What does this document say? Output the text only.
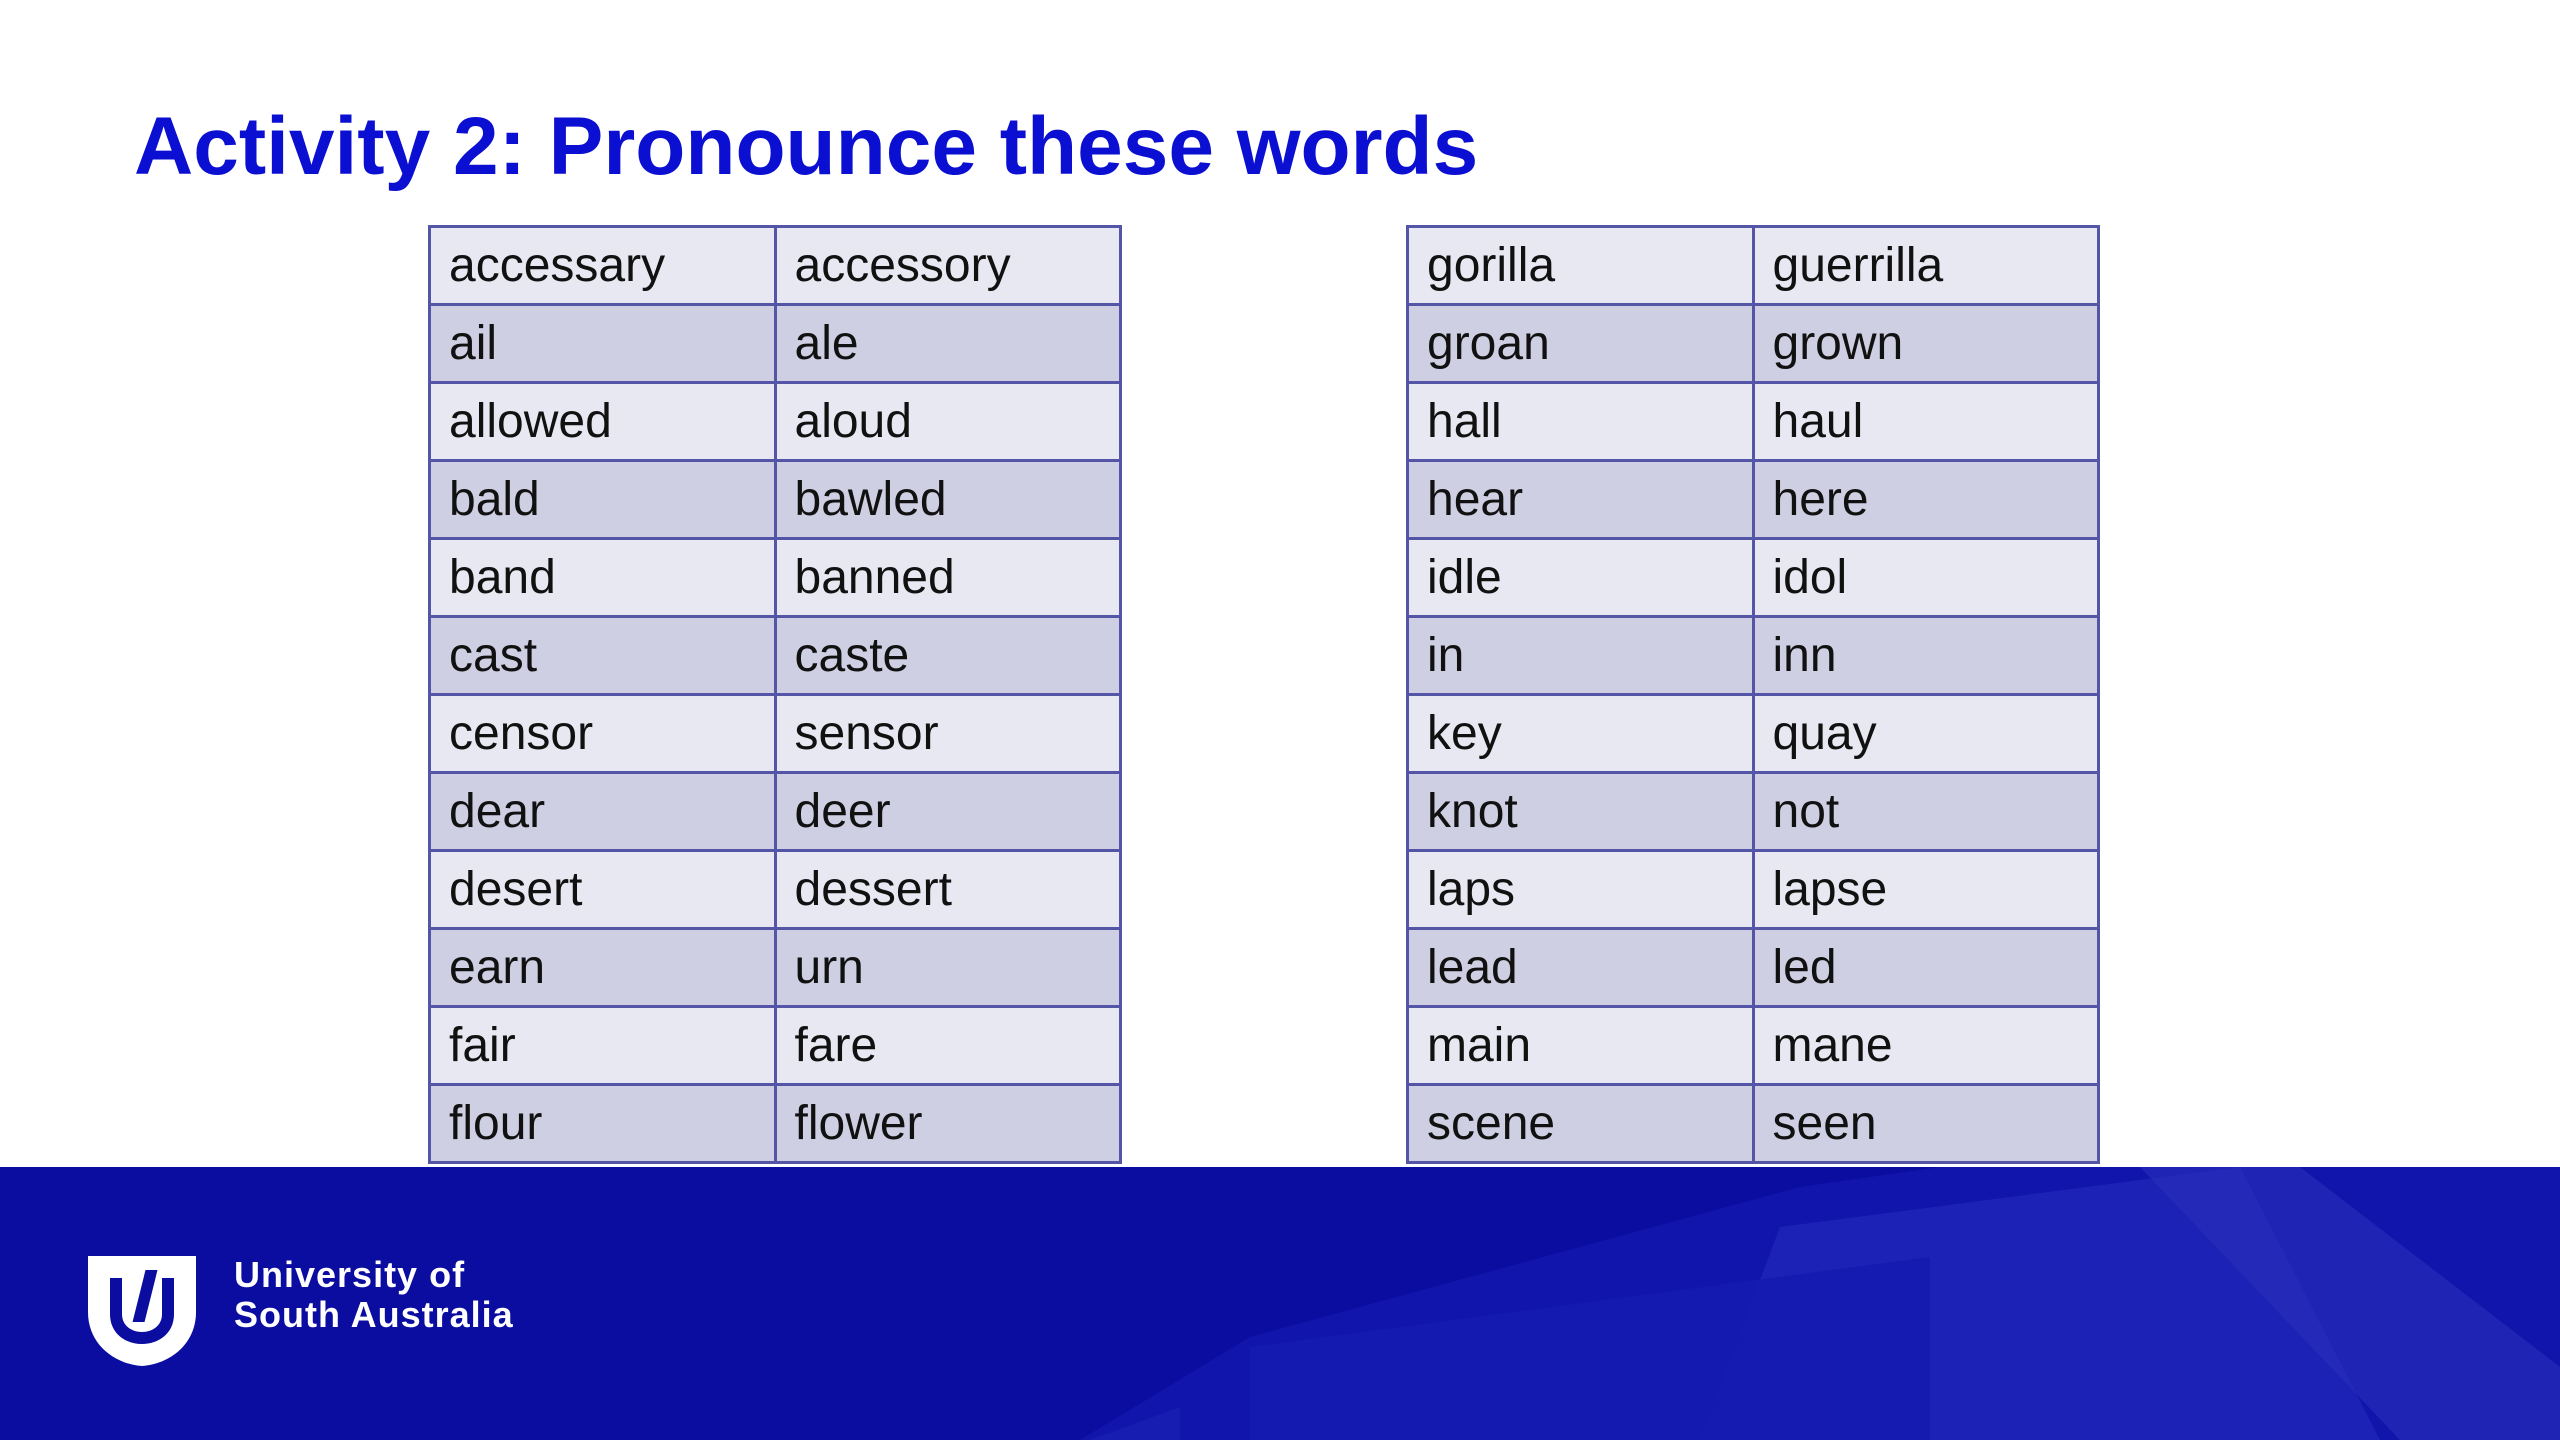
Activity 2: Pronounce these words
accessary	accessory
ail	ale
allowed	aloud
bald	bawled
band	banned
cast	caste
censor	sensor
dear	deer
desert	dessert
earn	urn
fair	fare
flour	flower
gorilla	guerrilla
groan	grown
hall	haul
hear	here
idle	idol
in	inn
key	quay
knot	not
laps	lapse
lead	led
main	mane
scene	seen
University of
South Australia
